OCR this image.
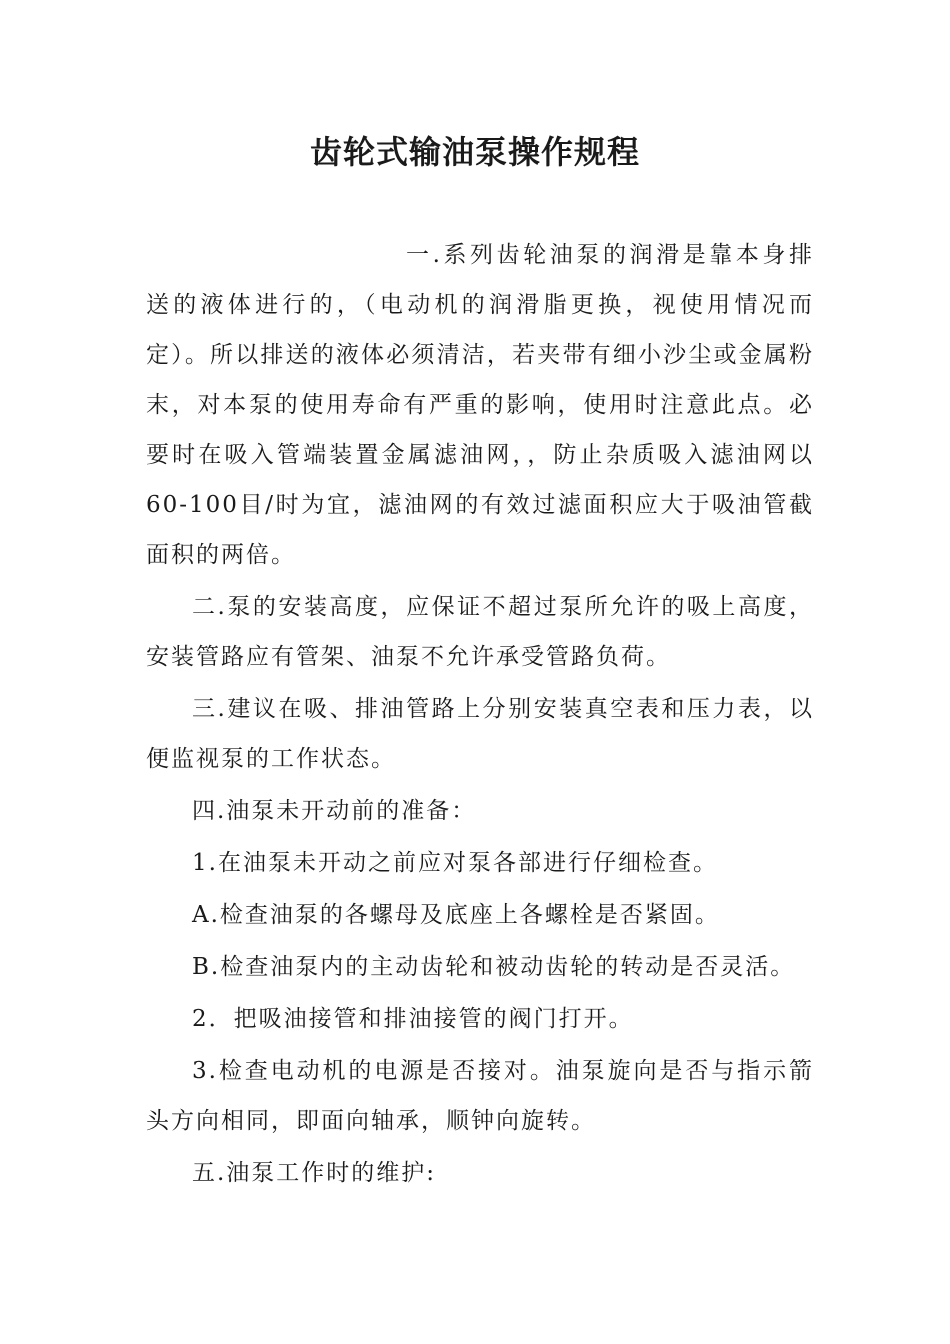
齿轮式输油泵操作规程

一.系列齿轮油泵的润滑是靠本身排送的液体进行的，（电动机的润滑脂更换，视使用情况而定）。所以排送的液体必须清洁，若夹带有细小沙尘或金属粉末，对本泵的使用寿命有严重的影响，使用时注意此点。必要时在吸入管端装置金属滤油网，，防止杂质吸入滤油网以60-100目/时为宜，滤油网的有效过滤面积应大于吸油管截面积的两倍。

二.泵的安装高度，应保证不超过泵所允许的吸上高度，安装管路应有管架、油泵不允许承受管路负荷。

三.建议在吸、排油管路上分别安装真空表和压力表，以便监视泵的工作状态。

四.油泵未开动前的准备：

1.在油泵未开动之前应对泵各部进行仔细检查。

A.检查油泵的各螺母及底座上各螺栓是否紧固。

B.检查油泵内的主动齿轮和被动齿轮的转动是否灵活。

2．把吸油接管和排油接管的阀门打开。

3.检查电动机的电源是否接对。油泵旋向是否与指示箭头方向相同，即面向轴承，顺钟向旋转。

五.油泵工作时的维护:
